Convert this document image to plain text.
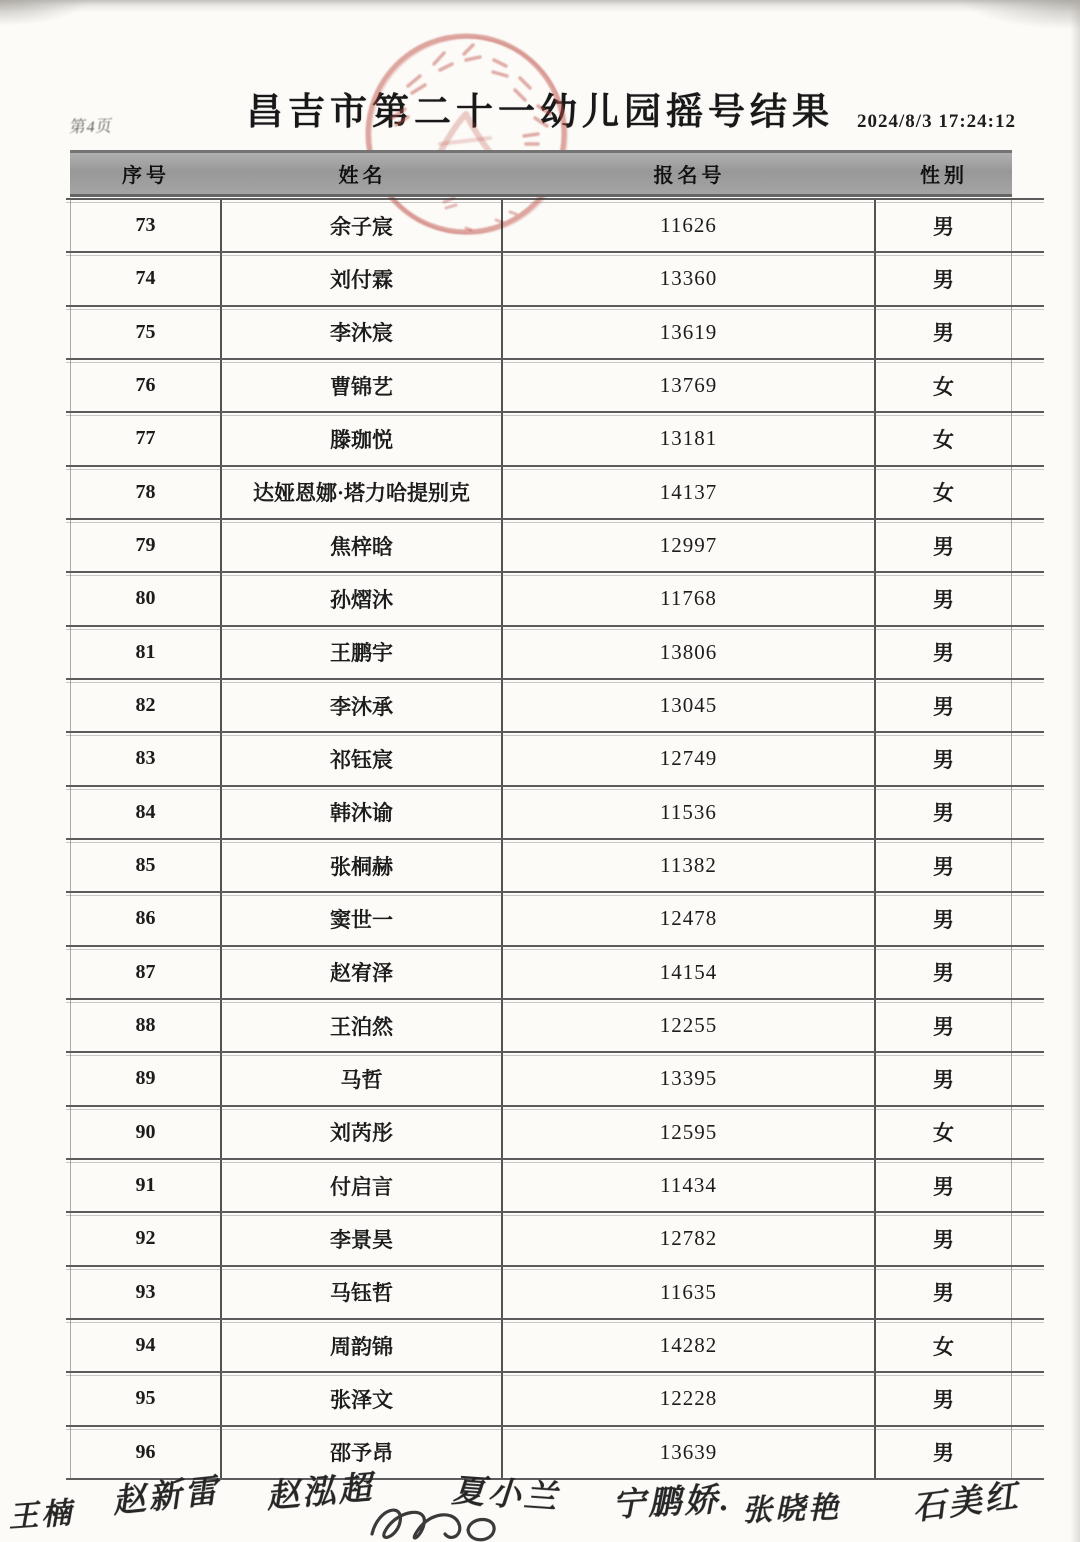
昌吉市第二十一幼儿园摇号结果
第4页	2024/8/3 17:24:12
序号	姓名	报名号	性别
73	余子宸	11626	男
74	刘付霖	13360	男
75	李沐宸	13619	男
76	曹锦艺	13769	女
77	滕珈悦	13181	女
78	达娅恩娜·塔力哈提别克	14137	女
79	焦梓晗	12997	男
80	孙熠沐	11768	男
81	王鹏宇	13806	男
82	李沐承	13045	男
83	祁钰宸	12749	男
84	韩沐谕	11536	男
85	张桐赫	11382	男
86	窦世一	12478	男
87	赵宥泽	14154	男
88	王泊然	12255	男
89	马哲	13395	男
90	刘芮彤	12595	女
91	付启言	11434	男
92	李景昊	12782	男
93	马钰哲	11635	男
94	周韵锦	14282	女
95	张泽文	12228	男
96	邵予昂	13639	男
王楠 赵新雷 赵泓超 夏小兰 宁鹏娇. 张晓艳 石美红
